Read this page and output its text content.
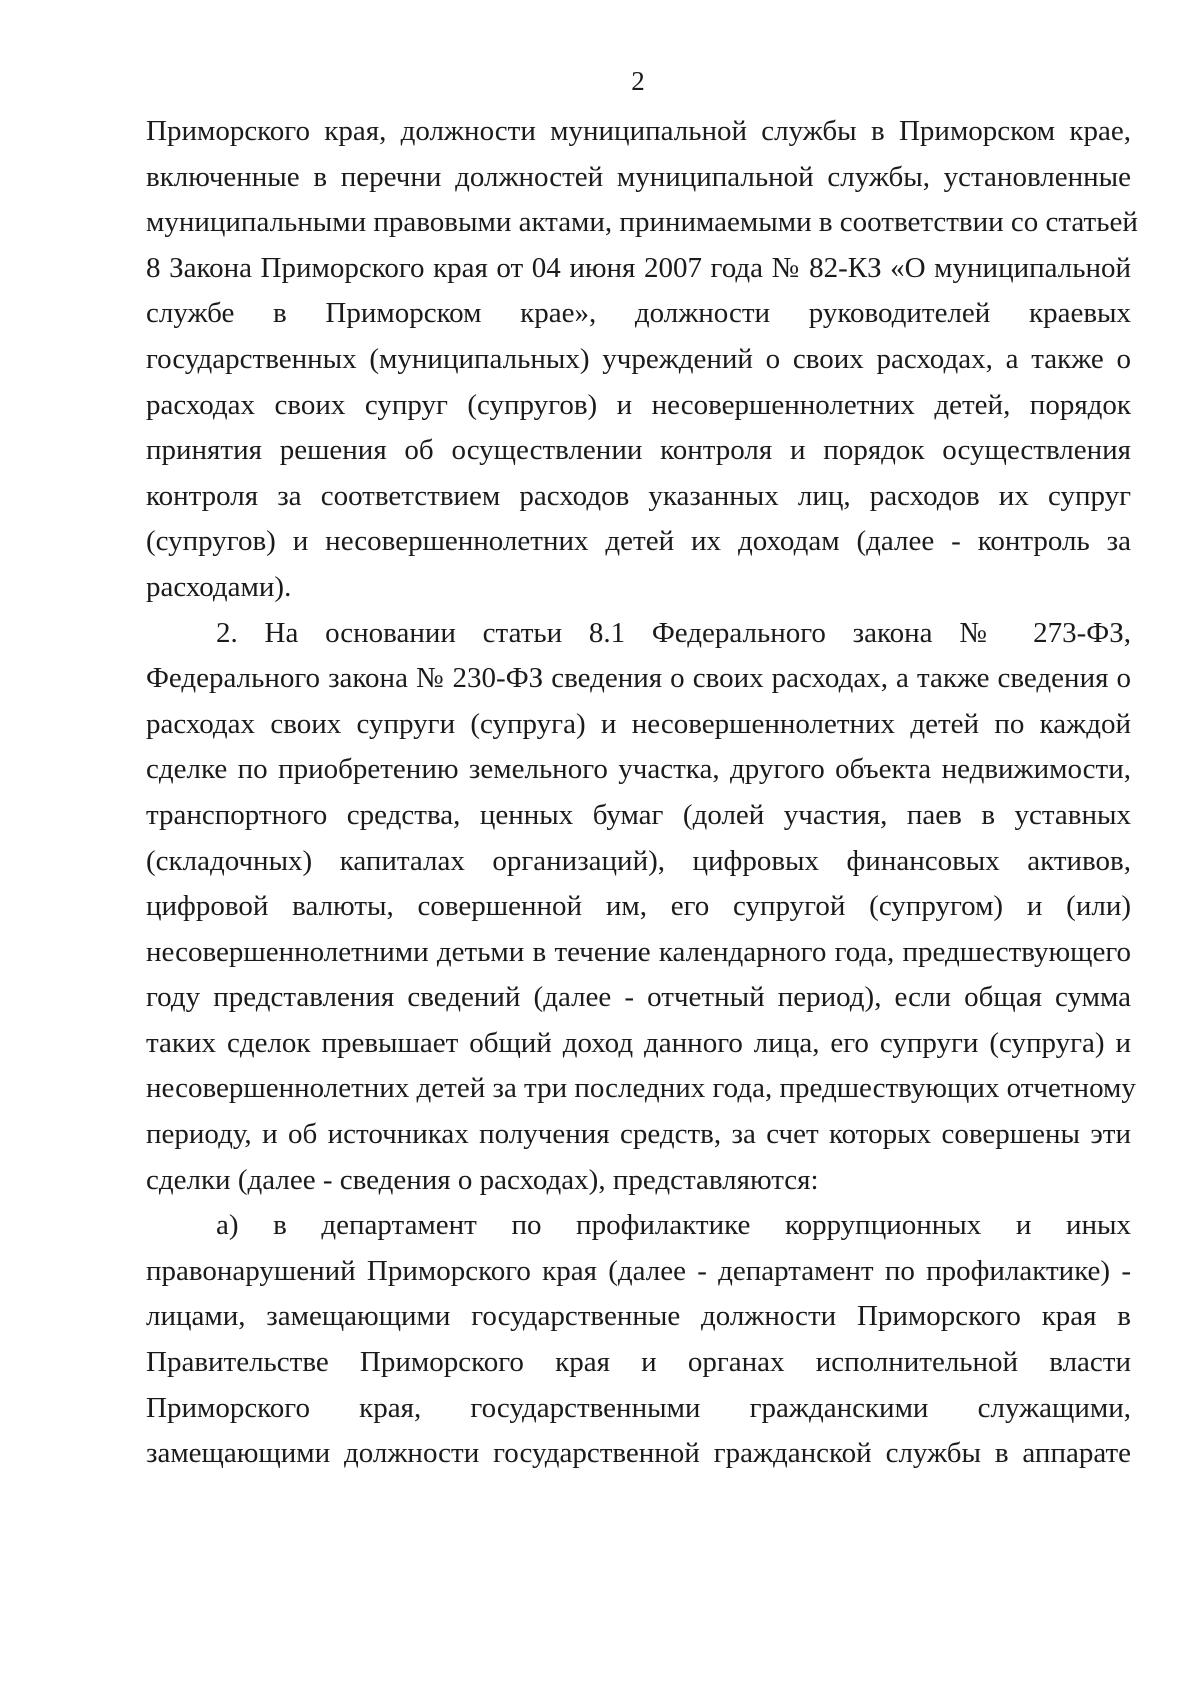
2
Приморского края, должности муниципальной службы в Приморском крае,
включенные в перечни должностей муниципальной службы, установленные
муниципальными правовыми актами, принимаемыми в соответствии со статьей
8 Закона Приморского края от 04 июня 2007 года № 82-КЗ «О муниципальной
службе в Приморском крае», должности руководителей краевых
государственных (муниципальных) учреждений о своих расходах, а также о
расходах своих супруг (супругов) и несовершеннолетних детей, порядок
принятия решения об осуществлении контроля и порядок осуществления
контроля за соответствием расходов указанных лиц, расходов их супруг
(супругов) и несовершеннолетних детей их доходам (далее - контроль за
расходами).
2. На основании статьи 8.1 Федерального закона № 273-ФЗ,
Федерального закона № 230-ФЗ сведения о своих расходах, а также сведения о
расходах своих супруги (супруга) и несовершеннолетних детей по каждой
сделке по приобретению земельного участка, другого объекта недвижимости,
транспортного средства, ценных бумаг (долей участия, паев в уставных
(складочных) капиталах организаций), цифровых финансовых активов,
цифровой валюты, совершенной им, его супругой (супругом) и (или)
несовершеннолетними детьми в течение календарного года, предшествующего
году представления сведений (далее - отчетный период), если общая сумма
таких сделок превышает общий доход данного лица, его супруги (супруга) и
несовершеннолетних детей за три последних года, предшествующих отчетному
периоду, и об источниках получения средств, за счет которых совершены эти
сделки (далее - сведения о расходах), представляются:
а) в департамент по профилактике коррупционных и иных
правонарушений Приморского края (далее - департамент по профилактике) -
лицами, замещающими государственные должности Приморского края в
Правительстве Приморского края и органах исполнительной власти
Приморского края, государственными гражданскими служащими,
замещающими должности государственной гражданской службы в аппарате
